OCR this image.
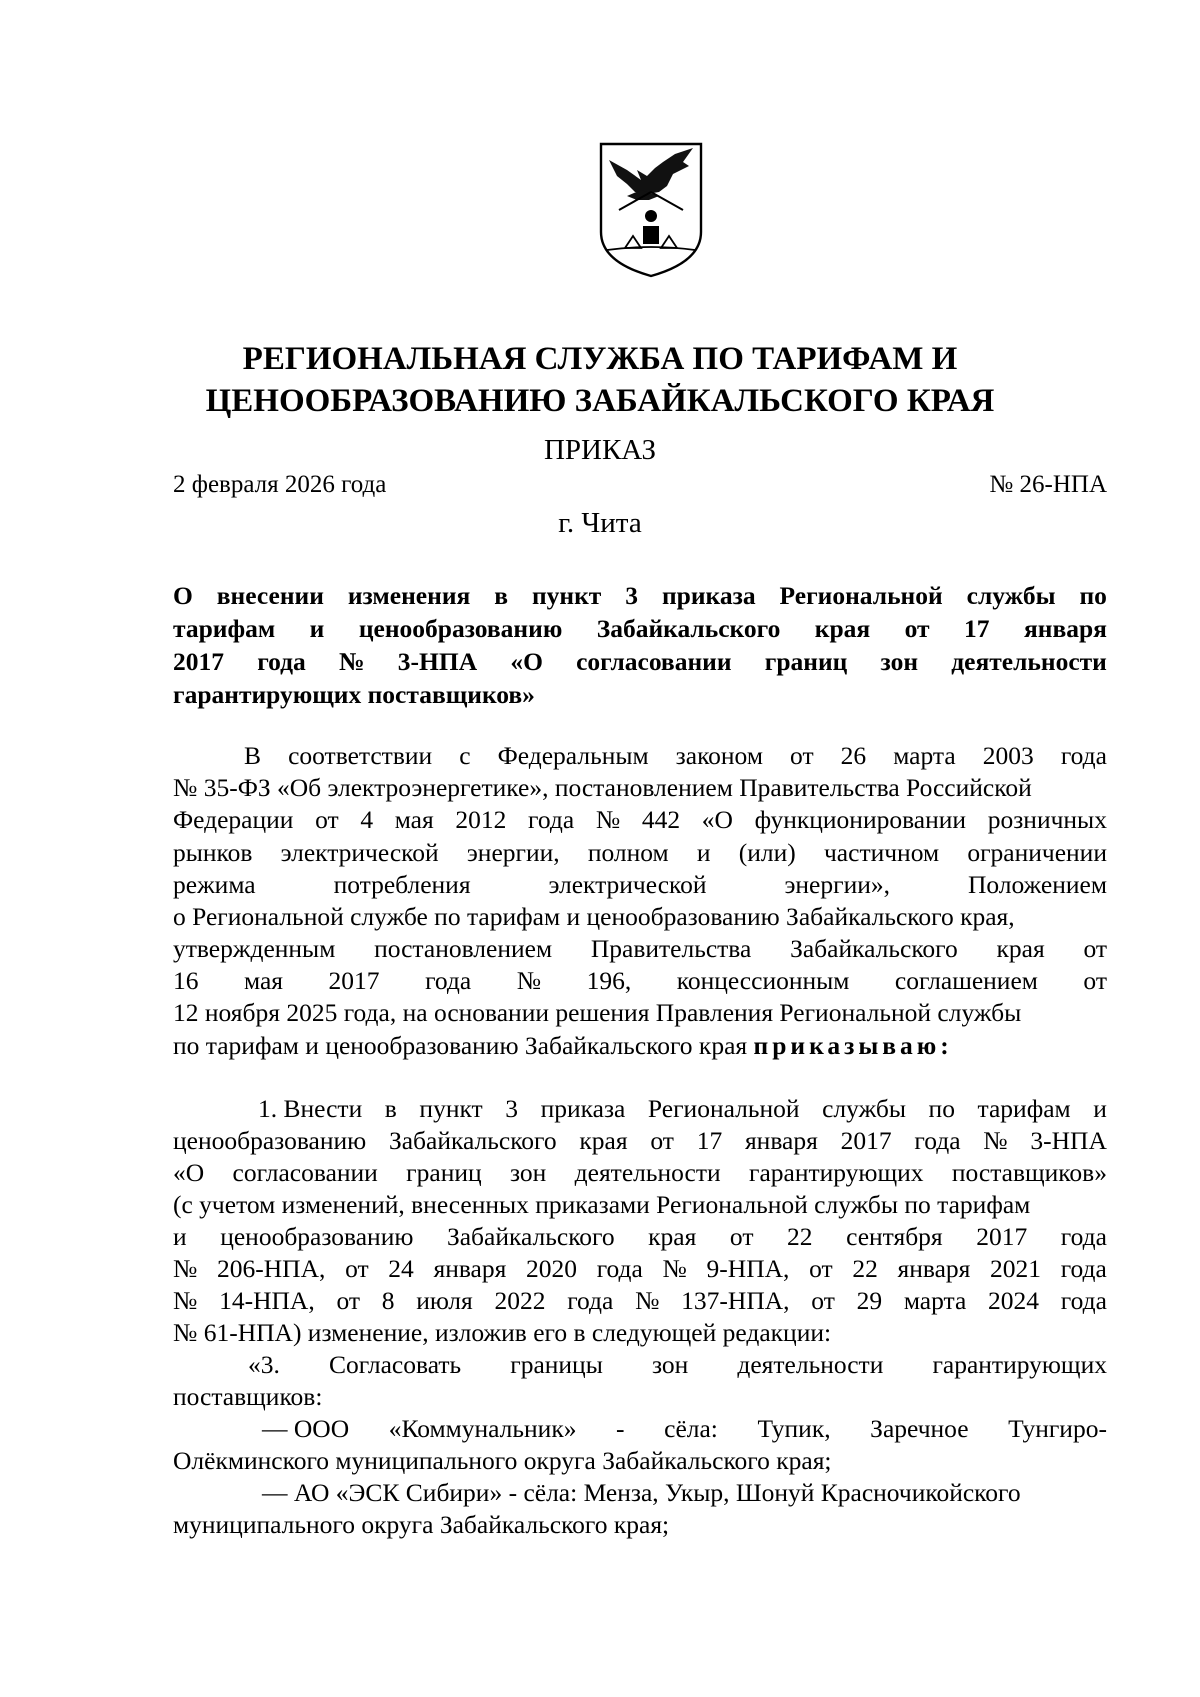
РЕГИОНАЛЬНАЯ СЛУЖБА ПО ТАРИФАМ И
ЦЕНООБРАЗОВАНИЮ ЗАБАЙКАЛЬСКОГО КРАЯ
ПРИКАЗ
2 февраля 2026 года	№ 26-НПА
г. Чита
О внесении изменения в пункт 3 приказа Региональной службы по
тарифам и ценообразованию Забайкальского края от 17 января
2017 года № 3-НПА «О согласовании границ зон деятельности
гарантирующих поставщиков»
В соответствии с Федеральным законом от 26 марта 2003 года
№ 35-ФЗ «Об электроэнергетике», постановлением Правительства Российской
Федерации от 4 мая 2012 года № 442 «О функционировании розничных
рынков электрической энергии, полном и (или) частичном ограничении
режима	потребления	электрической	энергии»,	Положением
о Региональной службе по тарифам и ценообразованию Забайкальского края,
утвержденным постановлением Правительства Забайкальского края от
16 мая 2017 года № 196, концессионным соглашением от
12 ноября 2025 года, на основании решения Правления Региональной службы
по тарифам и ценообразованию Забайкальского края приказываю:
1. Внести в пункт 3 приказа Региональной службы по тарифам и
ценообразованию Забайкальского края от 17 января 2017 года № 3-НПА
«О согласовании границ зон деятельности гарантирующих поставщиков»
(с учетом изменений, внесенных приказами Региональной службы по тарифам
и ценообразованию Забайкальского края от 22 сентября 2017 года
№ 206-НПА, от 24 января 2020 года № 9-НПА, от 22 января 2021 года
№ 14-НПА, от 8 июля 2022 года № 137-НПА, от 29 марта 2024 года
№ 61-НПА) изменение, изложив его в следующей редакции:
«3. Согласовать границы зон деятельности гарантирующих
поставщиков:
— ООО «Коммунальник» - сёла: Тупик, Заречное Тунгиро-
Олёкминского муниципального округа Забайкальского края;
— АО «ЭСК Сибири» - сёла: Менза, Укыр, Шонуй Красночикойского
муниципального округа Забайкальского края;
